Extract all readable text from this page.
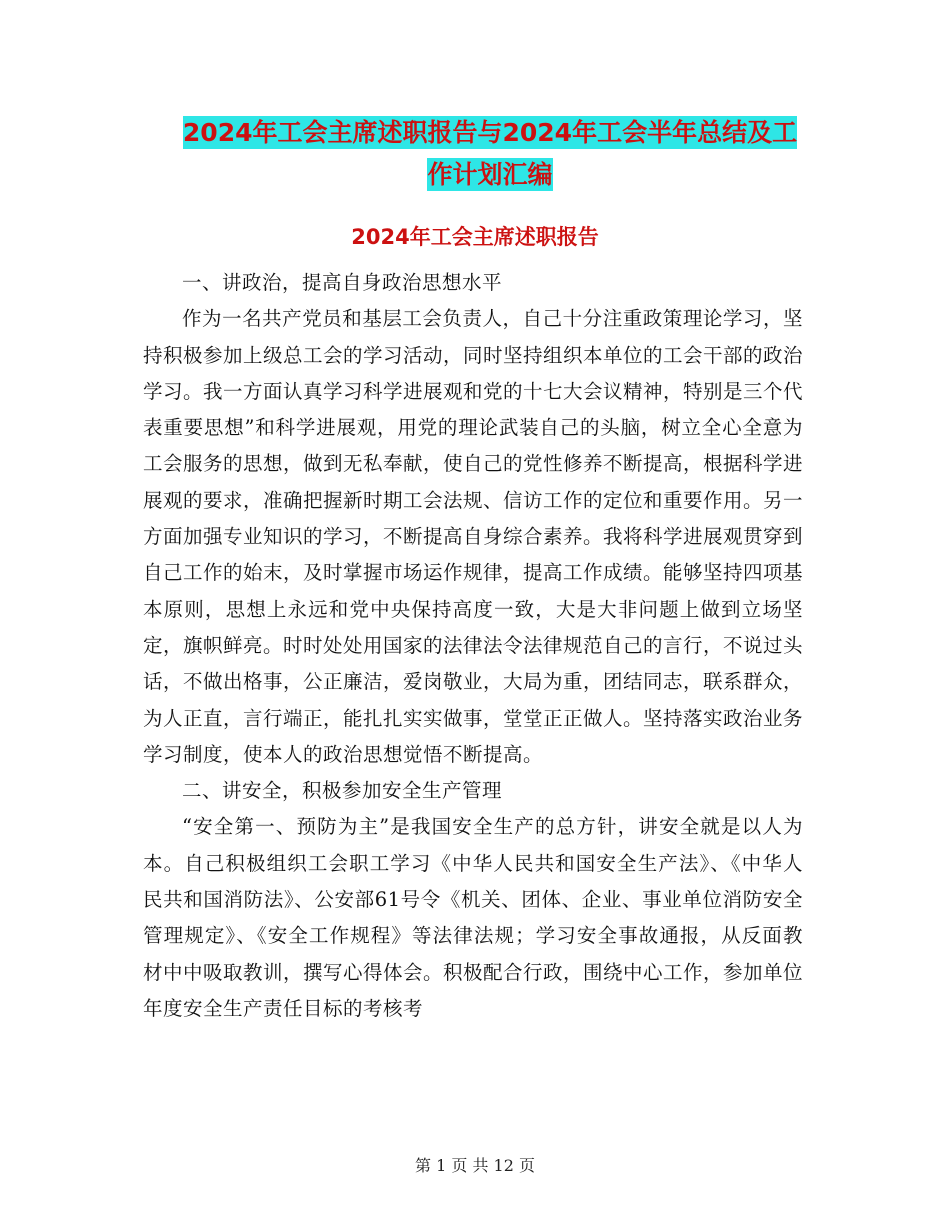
2024年工会主席述职报告与2024年工会半年总结及工
作计划汇编
2024年工会主席述职报告

一、讲政治，提高自身政治思想水平

作为一名共产党员和基层工会负责人，自己十分注重政策理论学习，坚持积极参加上级总工会的学习活动，同时坚持组织本单位的工会干部的政治学习。我一方面认真学习科学进展观和党的十七大会议精神，特别是三个代表重要思想”和科学进展观，用党的理论武装自己的头脑，树立全心全意为工会服务的思想，做到无私奉献，使自己的党性修养不断提高，根据科学进展观的要求，准确把握新时期工会法规、信访工作的定位和重要作用。另一方面加强专业知识的学习，不断提高自身综合素养。我将科学进展观贯穿到自己工作的始末，及时掌握市场运作规律，提高工作成绩。能够坚持四项基本原则，思想上永远和党中央保持高度一致，大是大非问题上做到立场坚定，旗帜鲜亮。时时处处用国家的法律法令法律规范自己的言行，不说过头话，不做出格事，公正廉洁，爱岗敬业，大局为重，团结同志，联系群众，为人正直，言行端正，能扎扎实实做事，堂堂正正做人。坚持落实政治业务学习制度，使本人的政治思想觉悟不断提高。

二、讲安全，积极参加安全生产管理

“安全第一、预防为主”是我国安全生产的总方针，讲安全就是以人为本。自己积极组织工会职工学习《中华人民共和国安全生产法》、《中华人民共和国消防法》、公安部61号令《机关、团体、企业、事业单位消防安全管理规定》、《安全工作规程》等法律法规；学习安全事故通报，从反面教材中中吸取教训，撰写心得体会。积极配合行政，围绕中心工作，参加单位年度安全生产责任目标的考核考

第 1 页 共 12 页
